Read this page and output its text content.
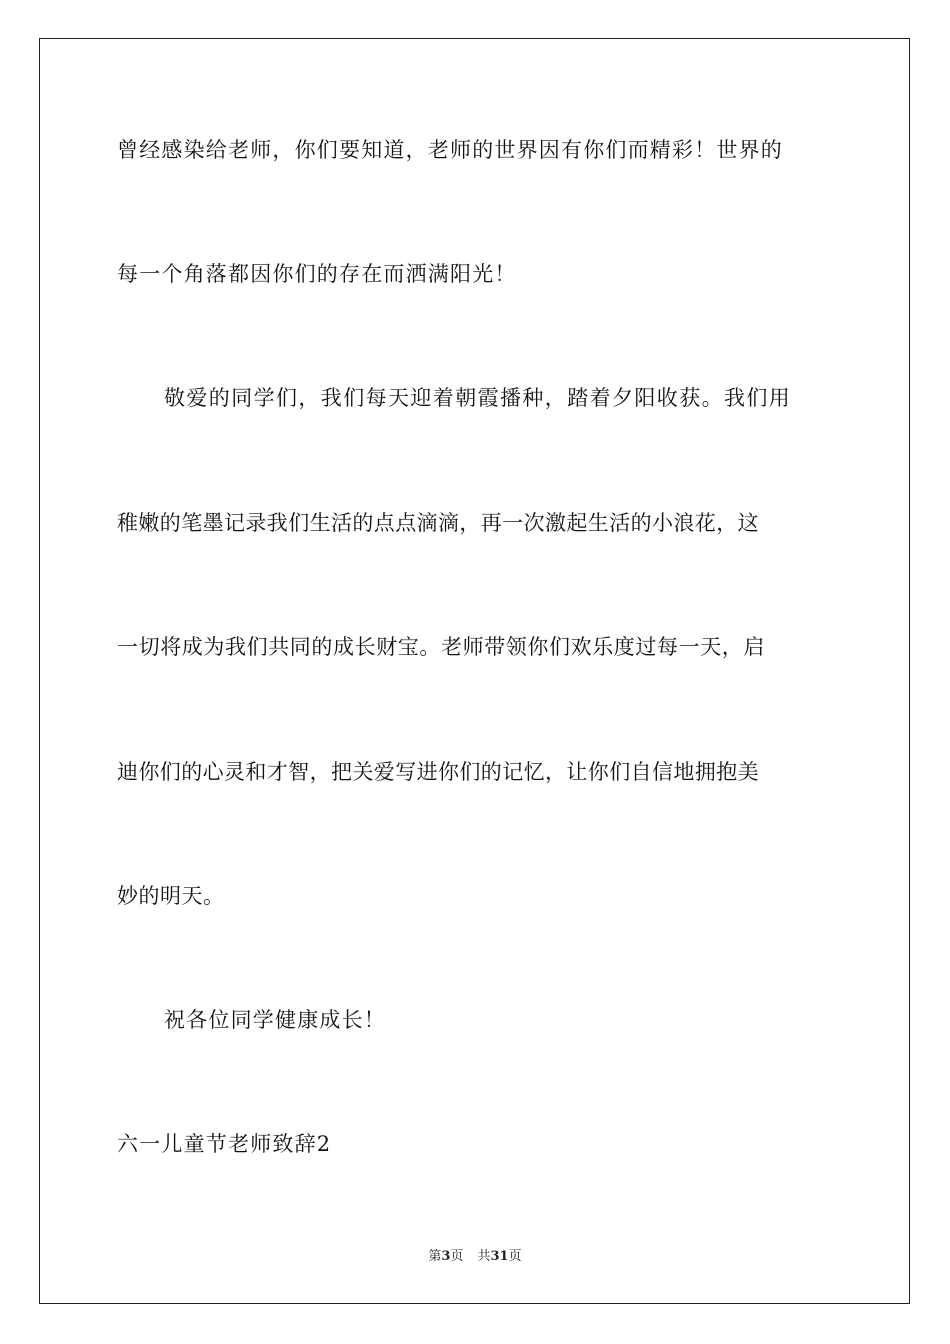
曾经感染给老师，你们要知道，老师的世界因有你们而精彩！世界的
每一个角落都因你们的存在而洒满阳光！
敬爱的同学们，我们每天迎着朝霞播种，踏着夕阳收获。我们用
稚嫩的笔墨记录我们生活的点点滴滴，再一次激起生活的小浪花，这
一切将成为我们共同的成长财宝。老师带领你们欢乐度过每一天，启
迪你们的心灵和才智，把关爱写进你们的记忆，让你们自信地拥抱美
妙的明天。
祝各位同学健康成长！
六一儿童节老师致辞2
第3页 共31页
